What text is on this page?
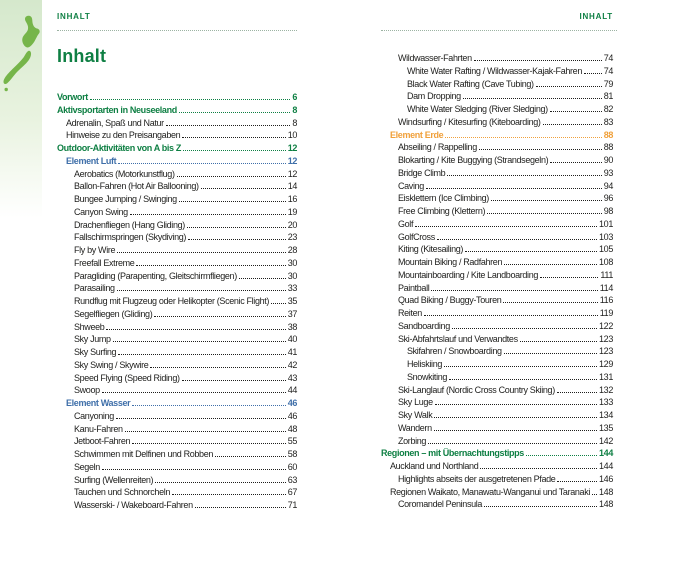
INHALT
Inhalt
Vorwort	6
Aktivsportarten in Neuseeland	8
Adrenalin, Spaß und Natur	8
Hinweise zu den Preisangaben	10
Outdoor-Aktivitäten von A bis Z	12
Element Luft	12
Aerobatics (Motorkunstflug)	12
Ballon-Fahren (Hot Air Ballooning)	14
Bungee Jumping / Swinging	16
Canyon Swing	19
Drachenfliegen (Hang Gliding)	20
Fallschirmspringen (Skydiving)	23
Fly by Wire	28
Freefall Extreme	30
Paragliding (Parapenting, Gleitschirmfliegen)	30
Parasailing	33
Rundflug mit Flugzeug oder Helikopter (Scenic Flight) 35
Segelfliegen (Gliding)	37
Shweeb	38
Sky Jump	40
Sky Surfing	41
Sky Swing / Skywire	42
Speed Flying (Speed Riding)	43
Swoop	44
Element Wasser	46
Canyoning	46
Kanu-Fahren	48
Jetboot-Fahren	55
Schwimmen mit Delfinen und Robben	58
Segeln	60
Surfing (Wellenreiten)	63
Tauchen und Schnorcheln	67
Wasserski- / Wakeboard-Fahren	71
INHALT
Wildwasser-Fahrten	74
White Water Rafting / Wildwasser-Kajak-Fahren 74
Black Water Rafting (Cave Tubing)	79
Dam Dropping	81
White Water Sledging (River Sledging)	82
Windsurfing / Kitesurfing (Kiteboarding)	83
Element Erde	88
Abseiling / Rappelling	88
Blokarting / Kite Buggying (Strandsegeln)	90
Bridge Climb	93
Caving	94
Eisklettern (Ice Climbing)	96
Free Climbing (Klettern)	98
Golf	101
GolfCross	103
Kiting (Kitesailing)	105
Mountain Biking / Radfahren	108
Mountainboarding / Kite Landboarding	111
Paintball	114
Quad Biking / Buggy-Touren	116
Reiten	119
Sandboarding	122
Ski-Abfahrtslauf und Verwandtes	123
Skifahren / Snowboarding	123
Heliskiing	129
Snowkiting	131
Ski-Langlauf (Nordic Cross Country Skiing)	132
Sky Luge	133
Sky Walk	134
Wandern	135
Zorbing	142
Regionen – mit Übernachtungstipps	144
Auckland und Northland	144
Highlights abseits der ausgetretenen Pfade	146
Regionen Waikato, Manawatu-Wanganui und Taranaki 148
Coromandel Peninsula	148
